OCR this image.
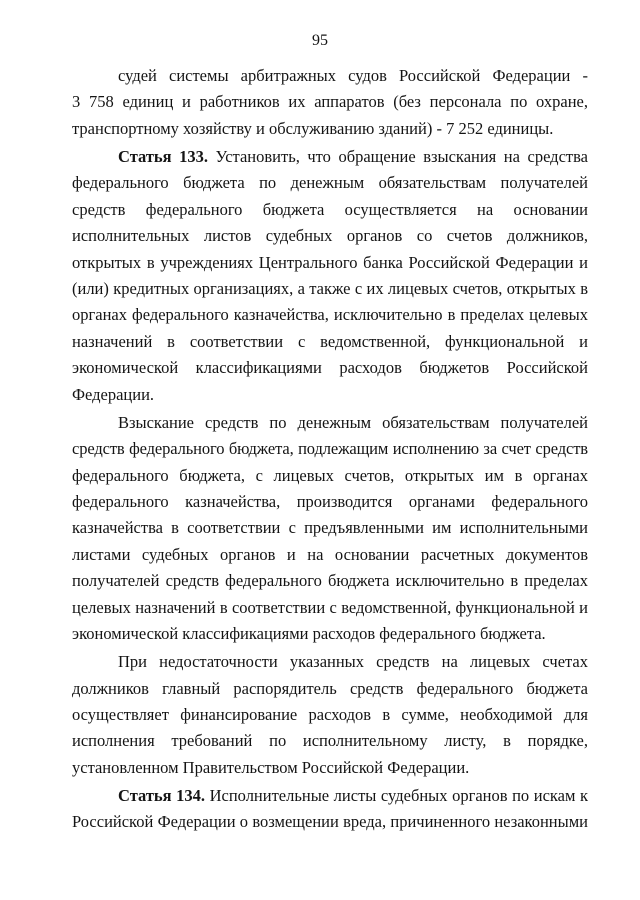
95
судей системы арбитражных судов Российской Федерации -
3 758 единиц и работников их аппаратов (без персонала по охране,
транспортному хозяйству и обслуживанию зданий) - 7 252 единицы.
Статья 133. Установить, что обращение взыскания на средства
федерального бюджета по денежным обязательствам получателей
средств федерального бюджета осуществляется на основании
исполнительных листов судебных органов со счетов должников,
открытых в учреждениях Центрального банка Российской Федерации и
(или) кредитных организациях, а также с их лицевых счетов, открытых в
органах федерального казначейства, исключительно в пределах целевых
назначений в соответствии с ведомственной, функциональной и
экономической классификациями расходов бюджетов Российской
Федерации.
Взыскание средств по денежным обязательствам получателей
средств федерального бюджета, подлежащим исполнению за счет средств
федерального бюджета, с лицевых счетов, открытых им в органах
федерального казначейства, производится органами федерального
казначейства в соответствии с предъявленными им исполнительными
листами судебных органов и на основании расчетных документов
получателей средств федерального бюджета исключительно в пределах
целевых назначений в соответствии с ведомственной, функциональной и
экономической классификациями расходов федерального бюджета.
При недостаточности указанных средств на лицевых счетах
должников главный распорядитель средств федерального бюджета
осуществляет финансирование расходов в сумме, необходимой для
исполнения требований по исполнительному листу, в порядке,
установленном Правительством Российской Федерации.
Статья 134. Исполнительные листы судебных органов по искам к
Российской Федерации о возмещении вреда, причиненного незаконными
